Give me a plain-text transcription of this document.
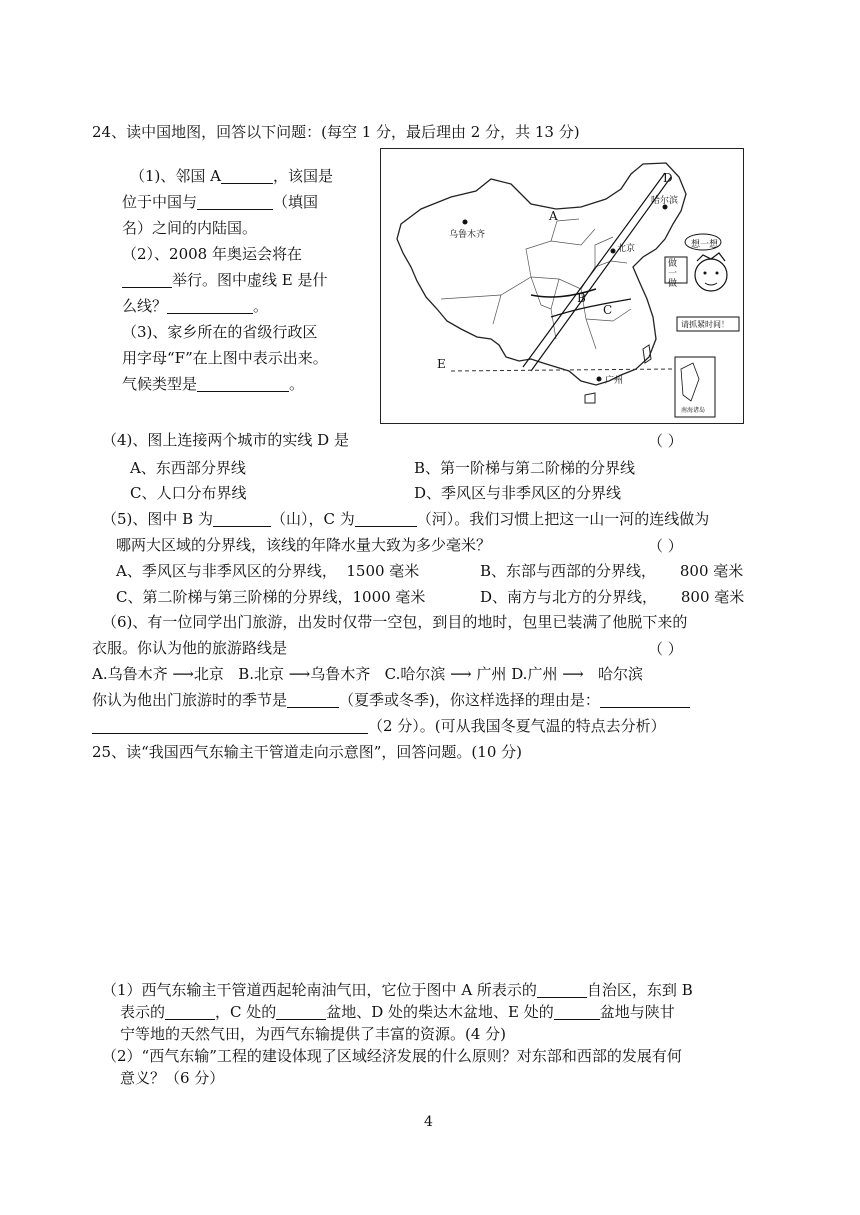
24、读中国地图，回答以下问题：(每空 1 分，最后理由 2 分，共 13 分)
（1)、邻国 A	，该国是
位于中国与	（填国
名）之间的内陆国。
（2）、2008 年奥运会将在
举行。图中虚线 E 是什
么线？	。
（3)、家乡所在的省级行政区
用字母“F”在上图中表示出来。
气候类型是	。
A
B
C
D
E
乌鲁木齐
北京
哈尔滨
广州
想一想
做一做
请抓紧时间！
南海诸岛
（4)、图上连接两个城市的实线 D 是	（ ）
A、东西部分界线	B、第一阶梯与第二阶梯的分界线
C、人口分布界线	D、季风区与非季风区的分界线
（5)、图中 B 为	（山），C 为	（河）。我们习惯上把这一山一河的连线做为
哪两大区域的分界线，该线的年降水量大致为多少毫米？	（ ）
A、季风区与非季风区的分界线，  1500 毫米	B、东部与西部的分界线，     800 毫米
C、第二阶梯与第三阶梯的分界线，1000 毫米	D、南方与北方的分界线，     800 毫米
（6)、有一位同学出门旅游，出发时仅带一空包，到目的地时，包里已装满了他脱下来的
衣服。你认为他的旅游路线是	（ ）
A.乌鲁木齐 ⟶北京 B.北京 ⟶乌鲁木齐 C.哈尔滨 ⟶ 广州 D.广州 ⟶   哈尔滨
你认为他出门旅游时的季节是	（夏季或冬季)，你这样选择的理由是：
（2 分）。(可从我国冬夏气温的特点去分析）
25、读“我国西气东输主干管道走向示意图”，回答问题。(10 分)
（1）西气东输主干管道西起轮南油气田，它位于图中 A 所表示的	自治区，东到 B
表示的	，C 处的	盆地、D 处的柴达木盆地、E 处的	盆地与陕甘
宁等地的天然气田，为西气东输提供了丰富的资源。(4 分)
（2）“西气东输”工程的建设体现了区域经济发展的什么原则？对东部和西部的发展有何
意义？（6 分）
4
